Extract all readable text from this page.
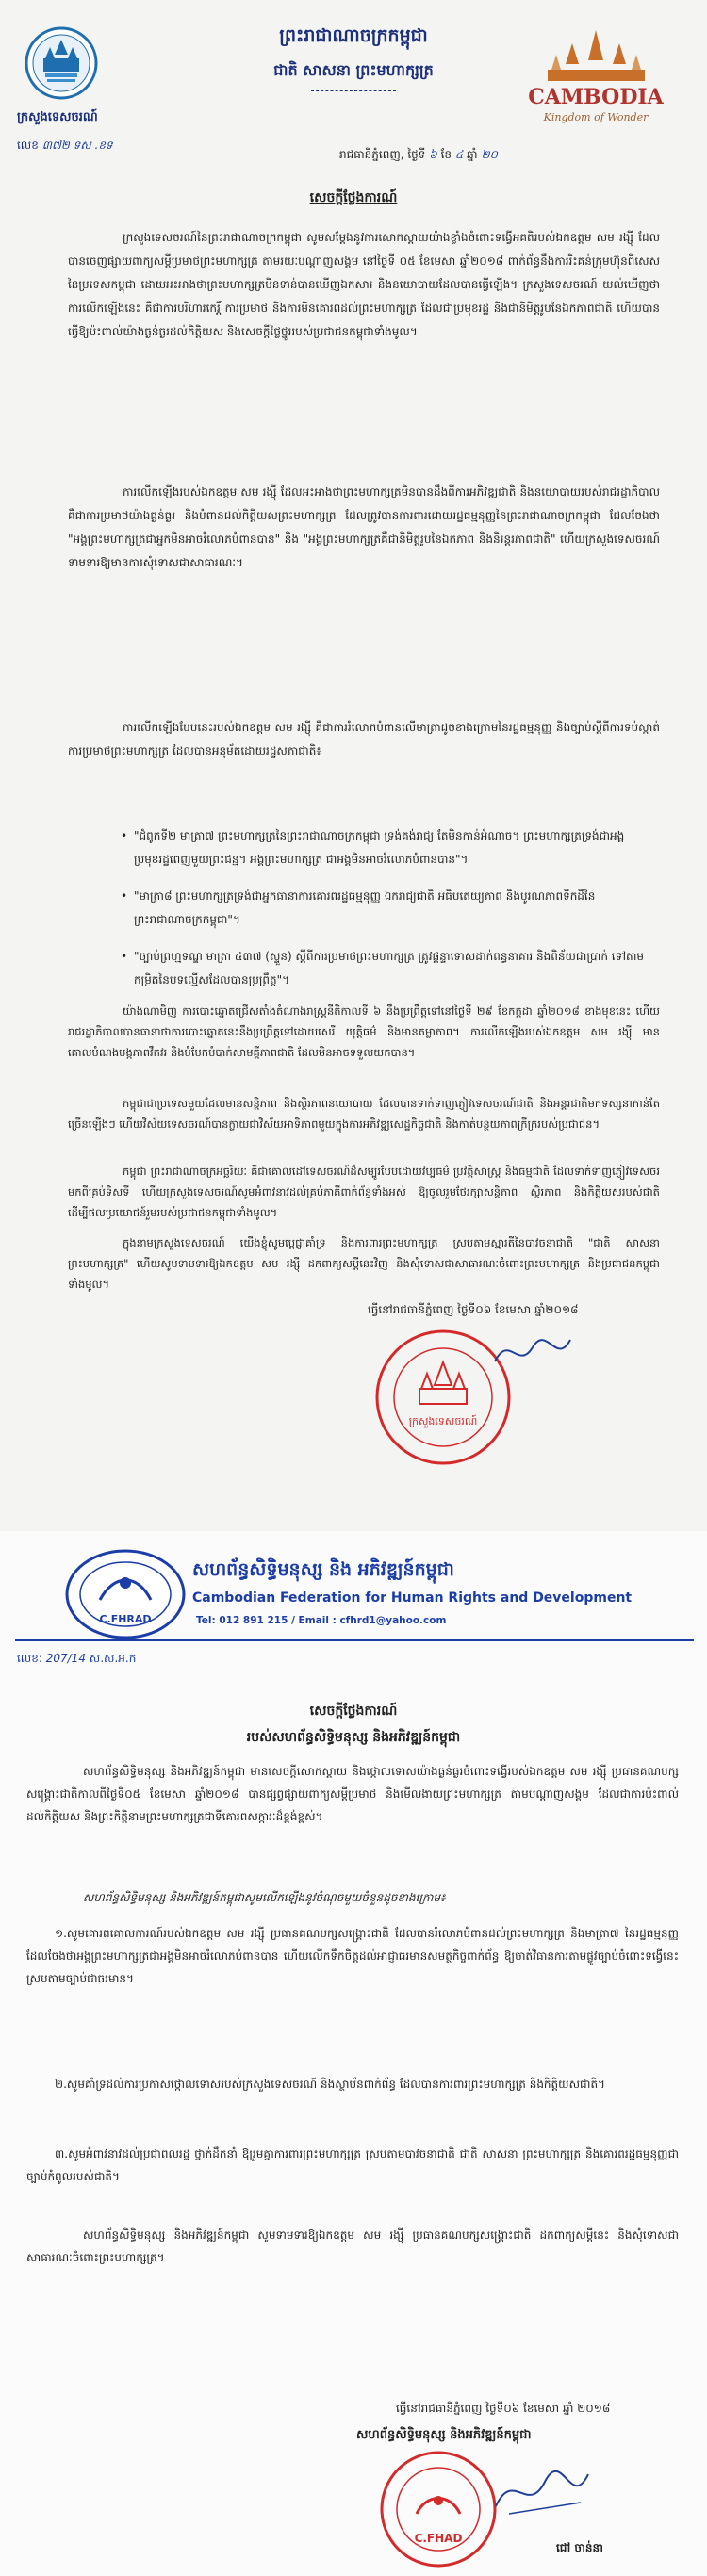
ព្រះរាជាណាចក្រកម្ពុជា
ជាតិ សាសនា ព្រះមហាក្សត្រ
CAMBODIA
Kingdom of Wonder
ក្រសួងទេសចរណ៍
លេខ ៣៧២ ទស .ខទ
រាជធានីភ្នំពេញ, ថ្ងៃទី ៦ ខែ ៤ ឆ្នាំ ២០
សេចក្តីថ្លែងការណ៍
ក្រសួងទេសចរណ៍នៃព្រះរាជាណាចក្រកម្ពុជា សូមសម្តែងនូវការសោកស្តាយយ៉ាងខ្លាំងចំពោះទង្វើអគតិរបស់ឯកឧត្តម សម រង្ស៊ី ដែលបានចេញផ្សាយពាក្យសម្តីប្រមាថព្រះមហាក្សត្រ តាមរយៈបណ្តាញសង្គម នៅថ្ងៃទី ០៥ ខែមេសា ឆ្នាំ២០១៨ ពាក់ព័ន្ធនឹងការរិះគន់ក្រុមហ៊ុនពិសេសនៃប្រទេសកម្ពុជា ដោយអះអាងថាព្រះមហាក្សត្រមិនទាន់បានឃើញឯកសារ និងនយោបាយដែលបានធ្វើឡើង។ ក្រសួងទេសចរណ៍ យល់ឃើញថាការលើកឡើងនេះ គឺជាការបរិហារកេរ្តិ៍ ការប្រមាថ និងការមិនគោរពដល់ព្រះមហាក្សត្រ ដែលជាប្រមុខរដ្ឋ និងជានិមិត្តរូបនៃឯកភាពជាតិ ហើយបានធ្វើឱ្យប៉ះពាល់យ៉ាងធ្ងន់ធ្ងរដល់កិត្តិយស និងសេចក្តីថ្លៃថ្នូររបស់ប្រជាជនកម្ពុជាទាំងមូល។
ការលើកឡើងរបស់ឯកឧត្តម សម រង្ស៊ី ដែលអះអាងថាព្រះមហាក្សត្រមិនបានដឹងពីការអភិវឌ្ឍជាតិ និងនយោបាយរបស់រាជរដ្ឋាភិបាល គឺជាការប្រមាថយ៉ាងធ្ងន់ធ្ងរ និងបំពានដល់កិត្តិយសព្រះមហាក្សត្រ ដែលត្រូវបានការពារដោយរដ្ឋធម្មនុញ្ញនៃព្រះរាជាណាចក្រកម្ពុជា ដែលចែងថា "អង្គព្រះមហាក្សត្រជាអ្នកមិនអាចរំលោភបំពានបាន" និង "អង្គព្រះមហាក្សត្រគឺជានិមិត្តរូបនៃឯកភាព និងនិរន្តរភាពជាតិ" ហើយក្រសួងទេសចរណ៍ទាមទារឱ្យមានការសុំទោសជាសាធារណៈ។
ការលើកឡើងបែបនេះរបស់ឯកឧត្តម សម រង្ស៊ី គឺជាការរំលោភបំពានលើមាត្រាដូចខាងក្រោមនៃរដ្ឋធម្មនុញ្ញ និងច្បាប់ស្តីពីការទប់ស្កាត់ការប្រមាថព្រះមហាក្សត្រ ដែលបានអនុម័តដោយរដ្ឋសភាជាតិ៖
• "ជំពូកទី២ មាត្រា៧ ព្រះមហាក្សត្រនៃព្រះរាជាណាចក្រកម្ពុជា ទ្រង់គង់រាជ្យ តែមិនកាន់អំណាច។ ព្រះមហាក្សត្រទ្រង់ជាអង្គប្រមុខរដ្ឋពេញមួយព្រះជន្ម។ អង្គព្រះមហាក្សត្រ ជាអង្គមិនអាចរំលោភបំពានបាន"។
• "មាត្រា៨ ព្រះមហាក្សត្រទ្រង់ជាអ្នកធានាការគោរពរដ្ឋធម្មនុញ្ញ ឯករាជ្យជាតិ អធិបតេយ្យភាព និងបូរណភាពទឹកដីនៃព្រះរាជាណាចក្រកម្ពុជា"។
• "ច្បាប់ព្រហ្មទណ្ឌ មាត្រា ៤៣៧ (ស្ទួន) ស្តីពីការប្រមាថព្រះមហាក្សត្រ ត្រូវផ្តន្ទាទោសដាក់ពន្ធនាគារ និងពិន័យជាប្រាក់ ទៅតាមកម្រិតនៃបទល្មើសដែលបានប្រព្រឹត្ត"។
យ៉ាងណាមិញ ការបោះឆ្នោតជ្រើសតាំងតំណាងរាស្ត្រនីតិកាលទី ៦ នឹងប្រព្រឹត្តទៅនៅថ្ងៃទី ២៩ ខែកក្កដា ឆ្នាំ២០១៨ ខាងមុខនេះ ហើយរាជរដ្ឋាភិបាលបានធានាថាការបោះឆ្នោតនេះនឹងប្រព្រឹត្តទៅដោយសេរី យុត្តិធម៌ និងមានតម្លាភាព។ ការលើកឡើងរបស់ឯកឧត្តម សម រង្ស៊ី មានគោលបំណងបង្កភាពវឹកវរ និងបំបែកបំបាក់សាមគ្គីភាពជាតិ ដែលមិនអាចទទួលយកបាន។
កម្ពុជាជាប្រទេសមួយដែលមានសន្តិភាព និងស្ថិរភាពនយោបាយ ដែលបានទាក់ទាញភ្ញៀវទេសចរណ៍ជាតិ និងអន្តរជាតិមកទស្សនាកាន់តែច្រើនឡើងៗ ហើយវិស័យទេសចរណ៍បានក្លាយជាវិស័យអាទិភាពមួយក្នុងការអភិវឌ្ឍសេដ្ឋកិច្ចជាតិ និងកាត់បន្ថយភាពក្រីក្ររបស់ប្រជាជន។
កម្ពុជា ព្រះរាជាណាចក្រអច្ឆរិយៈ គឺជាគោលដៅទេសចរណ៍ដ៏សម្បូរបែបដោយវប្បធម៌ ប្រវត្តិសាស្ត្រ និងធម្មជាតិ ដែលទាក់ទាញភ្ញៀវទេសចរមកពីគ្រប់ទិសទី ហើយក្រសួងទេសចរណ៍សូមអំពាវនាវដល់គ្រប់ភាគីពាក់ព័ន្ធទាំងអស់ ឱ្យចូលរួមថែរក្សាសន្តិភាព ស្ថិរភាព និងកិត្តិយសរបស់ជាតិ ដើម្បីផលប្រយោជន៍រួមរបស់ប្រជាជនកម្ពុជាទាំងមូល។
ក្នុងនាមក្រសួងទេសចរណ៍ យើងខ្ញុំសូមប្តេជ្ញាគាំទ្រ និងការពារព្រះមហាក្សត្រ ស្របតាមស្មារតីនៃបាវចនាជាតិ "ជាតិ សាសនា ព្រះមហាក្សត្រ" ហើយសូមទាមទារឱ្យឯកឧត្តម សម រង្ស៊ី ដកពាក្យសម្តីនេះវិញ និងសុំទោសជាសាធារណៈចំពោះព្រះមហាក្សត្រ និងប្រជាជនកម្ពុជាទាំងមូល។
ធ្វើនៅរាជធានីភ្នំពេញ ថ្ងៃទី០៦ ខែមេសា ឆ្នាំ២០១៨
ក្រសួងទេសចរណ៍
C.FHRAD
សហព័ន្ធសិទ្ធិមនុស្ស និង អភិវឌ្ឍន៍កម្ពុជា
Cambodian Federation for Human Rights and Development
Tel: 012 891 215 / Email : cfhrd1@yahoo.com
លេខ: 207/14 ស.ស.អ.ក
សេចក្តីថ្លែងការណ៍
របស់សហព័ន្ធសិទ្ធិមនុស្ស និងអភិវឌ្ឍន៍កម្ពុជា
សហព័ន្ធសិទ្ធិមនុស្ស និងអភិវឌ្ឍន៍កម្ពុជា មានសេចក្តីសោកស្តាយ និងថ្កោលទោសយ៉ាងធ្ងន់ធ្ងរចំពោះទង្វើរបស់ឯកឧត្តម សម រង្ស៊ី ប្រធានគណបក្សសង្គ្រោះជាតិកាលពីថ្ងៃទី០៥ ខែមេសា ឆ្នាំ២០១៨ បានផ្សព្វផ្សាយពាក្យសម្តីប្រមាថ និងមើលងាយព្រះមហាក្សត្រ តាមបណ្តាញសង្គម ដែលជាការប៉ះពាល់ដល់កិត្តិយស និងព្រះកិត្តិនាមព្រះមហាក្សត្រជាទីគោរពសក្ការៈដ៏ខ្ពង់ខ្ពស់។
សហព័ន្ធសិទ្ធិមនុស្ស និងអភិវឌ្ឍន៍កម្ពុជាសូមលើកឡើងនូវចំណុចមួយចំនួនដូចខាងក្រោម៖
១.សូមគោរពគោលការណ៍របស់ឯកឧត្តម សម រង្ស៊ី ប្រធានគណបក្សសង្គ្រោះជាតិ ដែលបានរំលោភបំពានដល់ព្រះមហាក្សត្រ និងមាត្រា៧ នៃរដ្ឋធម្មនុញ្ញ ដែលចែងថាអង្គព្រះមហាក្សត្រជាអង្គមិនអាចរំលោភបំពានបាន ហើយលើកទឹកចិត្តដល់អាជ្ញាធរមានសមត្ថកិច្ចពាក់ព័ន្ធ ឱ្យចាត់វិធានការតាមផ្លូវច្បាប់ចំពោះទង្វើនេះ ស្របតាមច្បាប់ជាធរមាន។
២.សូមគាំទ្រដល់ការប្រកាសថ្កោលទោសរបស់ក្រសួងទេសចរណ៍ និងស្ថាប័នពាក់ព័ន្ធ ដែលបានការពារព្រះមហាក្សត្រ និងកិត្តិយសជាតិ។
៣.សូមអំពាវនាវដល់ប្រជាពលរដ្ឋ ថ្នាក់ដឹកនាំ ឱ្យរួមគ្នាការពារព្រះមហាក្សត្រ ស្របតាមបាវចនាជាតិ ជាតិ សាសនា ព្រះមហាក្សត្រ និងគោរពរដ្ឋធម្មនុញ្ញជាច្បាប់កំពូលរបស់ជាតិ។
សហព័ន្ធសិទ្ធិមនុស្ស និងអភិវឌ្ឍន៍កម្ពុជា សូមទាមទារឱ្យឯកឧត្តម សម រង្ស៊ី ប្រធានគណបក្សសង្គ្រោះជាតិ ដកពាក្យសម្តីនេះ និងសុំទោសជាសាធារណៈចំពោះព្រះមហាក្សត្រ។
ធ្វើនៅរាជធានីភ្នំពេញ ថ្ងៃទី០៦ ខែមេសា ឆ្នាំ ២០១៨
សហព័ន្ធសិទ្ធិមនុស្ស និងអភិវឌ្ឍន៍កម្ពុជា
C.FHAD
ជៅ ចាន់នា
